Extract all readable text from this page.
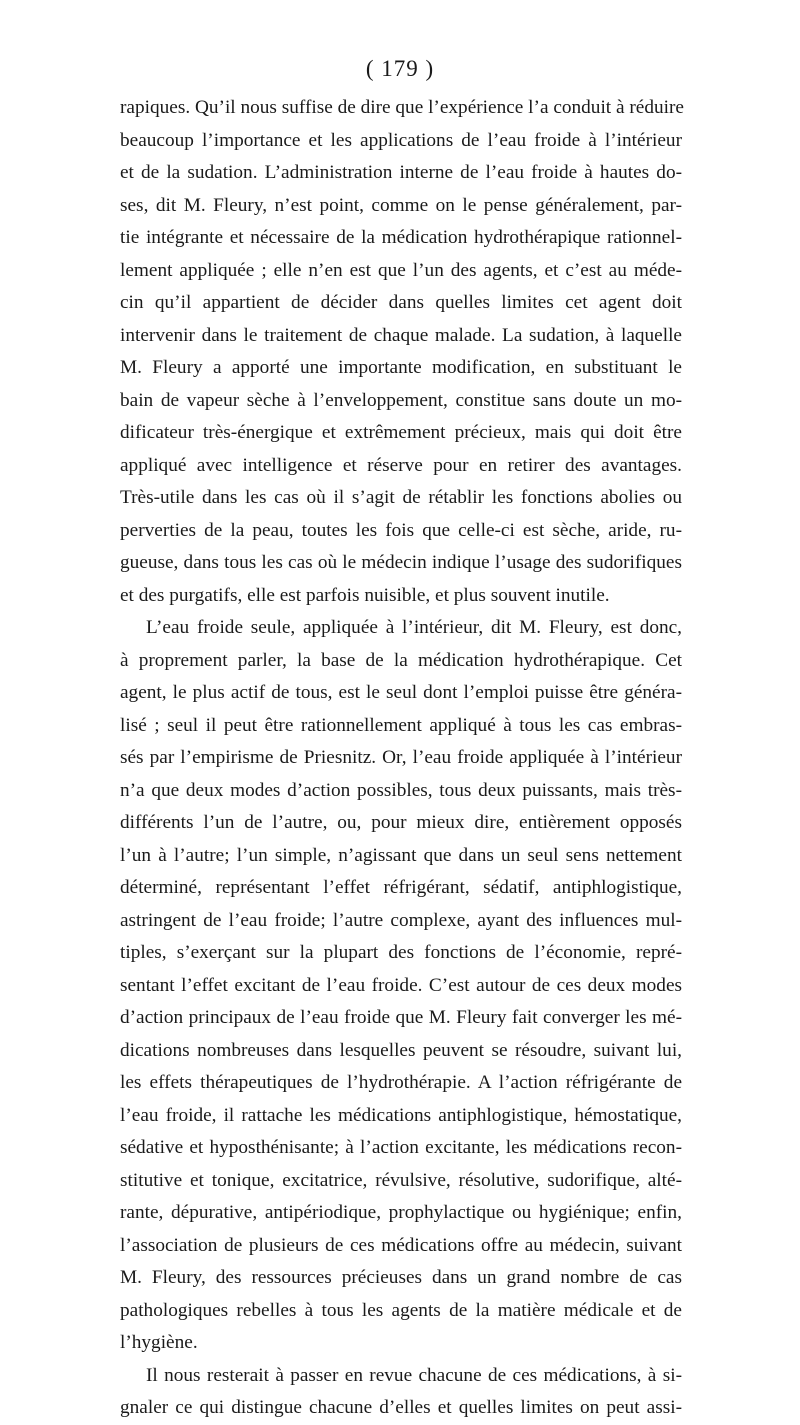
( 179 )
rapiques. Qu’il nous suffise de dire que l’expérience l’a conduit à réduire
beaucoup l’importance et les applications de l’eau froide à l’intérieur
et de la sudation. L’administration interne de l’eau froide à hautes do-
ses, dit M. Fleury, n’est point, comme on le pense généralement, par-
tie intégrante et nécessaire de la médication hydrothérapique rationnel-
lement appliquée ; elle n’en est que l’un des agents, et c’est au méde-
cin qu’il appartient de décider dans quelles limites cet agent doit
intervenir dans le traitement de chaque malade. La sudation, à laquelle
M. Fleury a apporté une importante modification, en substituant le
bain de vapeur sèche à l’enveloppement, constitue sans doute un mo-
dificateur très-énergique et extrêmement précieux, mais qui doit être
appliqué avec intelligence et réserve pour en retirer des avantages.
Très-utile dans les cas où il s’agit de rétablir les fonctions abolies ou
perverties de la peau, toutes les fois que celle-ci est sèche, aride, ru-
gueuse, dans tous les cas où le médecin indique l’usage des sudorifiques
et des purgatifs, elle est parfois nuisible, et plus souvent inutile.
L’eau froide seule, appliquée à l’intérieur, dit M. Fleury, est donc,
à proprement parler, la base de la médication hydrothérapique. Cet
agent, le plus actif de tous, est le seul dont l’emploi puisse être généra-
lisé ; seul il peut être rationnellement appliqué à tous les cas embras-
sés par l’empirisme de Priesnitz. Or, l’eau froide appliquée à l’intérieur
n’a que deux modes d’action possibles, tous deux puissants, mais très-
différents l’un de l’autre, ou, pour mieux dire, entièrement opposés
l’un à l’autre; l’un simple, n’agissant que dans un seul sens nettement
déterminé, représentant l’effet réfrigérant, sédatif, antiphlogistique,
astringent de l’eau froide; l’autre complexe, ayant des influences mul-
tiples, s’exerçant sur la plupart des fonctions de l’économie, repré-
sentant l’effet excitant de l’eau froide. C’est autour de ces deux modes
d’action principaux de l’eau froide que M. Fleury fait converger les mé-
dications nombreuses dans lesquelles peuvent se résoudre, suivant lui,
les effets thérapeutiques de l’hydrothérapie. A l’action réfrigérante de
l’eau froide, il rattache les médications antiphlogistique, hémostatique,
sédative et hyposthénisante; à l’action excitante, les médications recon-
stitutive et tonique, excitatrice, révulsive, résolutive, sudorifique, alté-
rante, dépurative, antipériodique, prophylactique ou hygiénique; enfin,
l’association de plusieurs de ces médications offre au médecin, suivant
M. Fleury, des ressources précieuses dans un grand nombre de cas
pathologiques rebelles à tous les agents de la matière médicale et de
l’hygiène.
Il nous resterait à passer en revue chacune de ces médications, à si-
gnaler ce qui distingue chacune d’elles et quelles limites on peut assi-
